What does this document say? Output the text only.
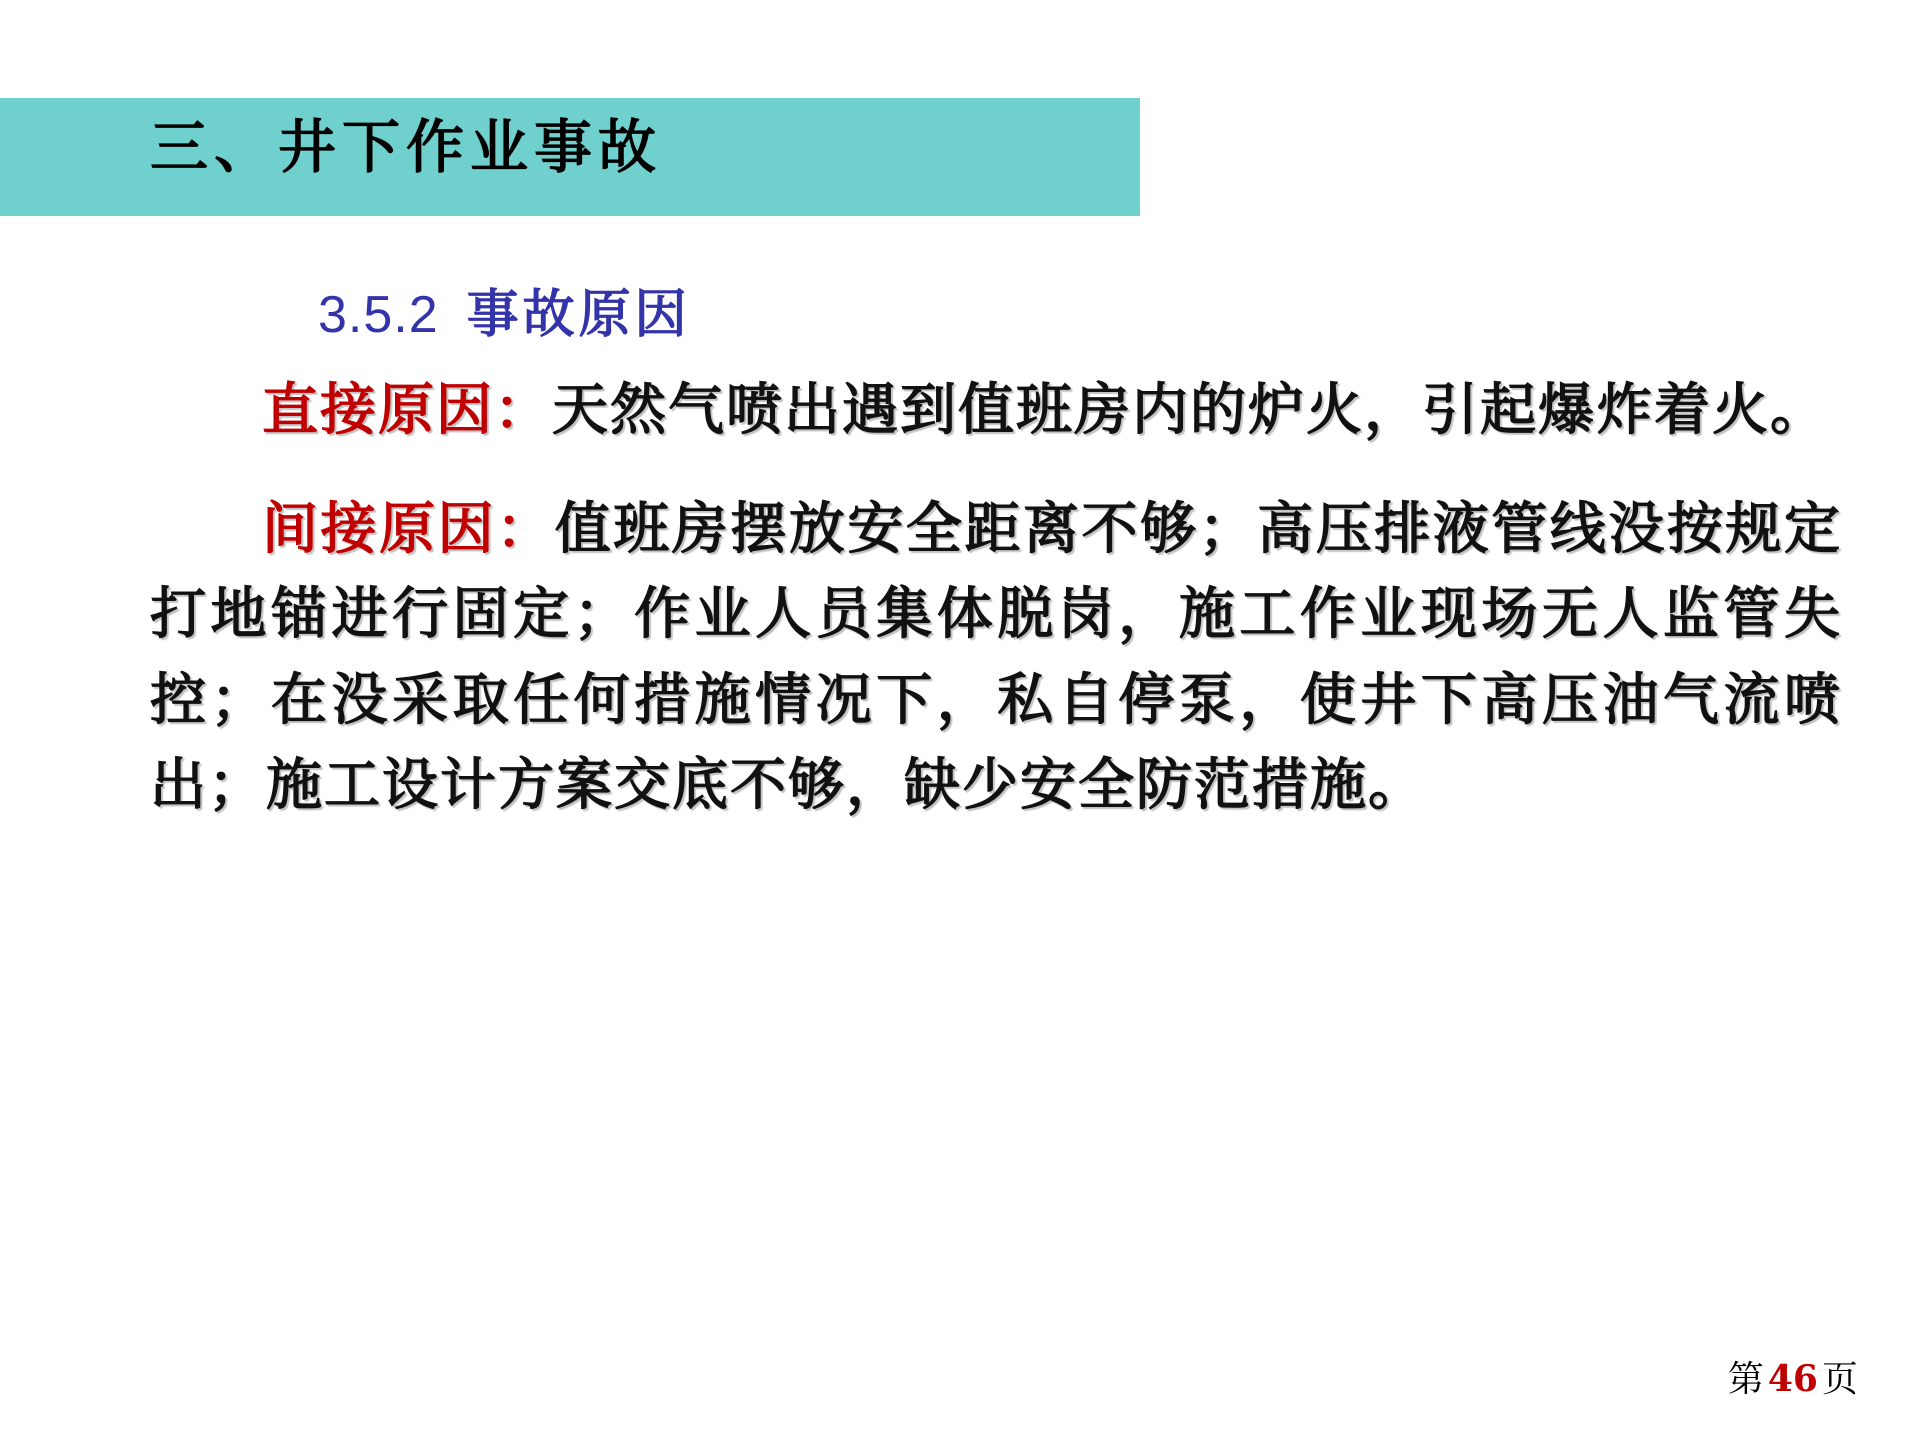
三、井下作业事故
3.5.2 事故原因

直接原因：天然气喷出遇到值班房内的炉火，引起爆炸着火。

间接原因：值班房摆放安全距离不够；高压排液管线没按规定打地锚进行固定；作业人员集体脱岗，施工作业现场无人监管失控；在没采取任何措施情况下，私自停泵，使井下高压油气流喷出；施工设计方案交底不够，缺少安全防范措施。

第 46 页
